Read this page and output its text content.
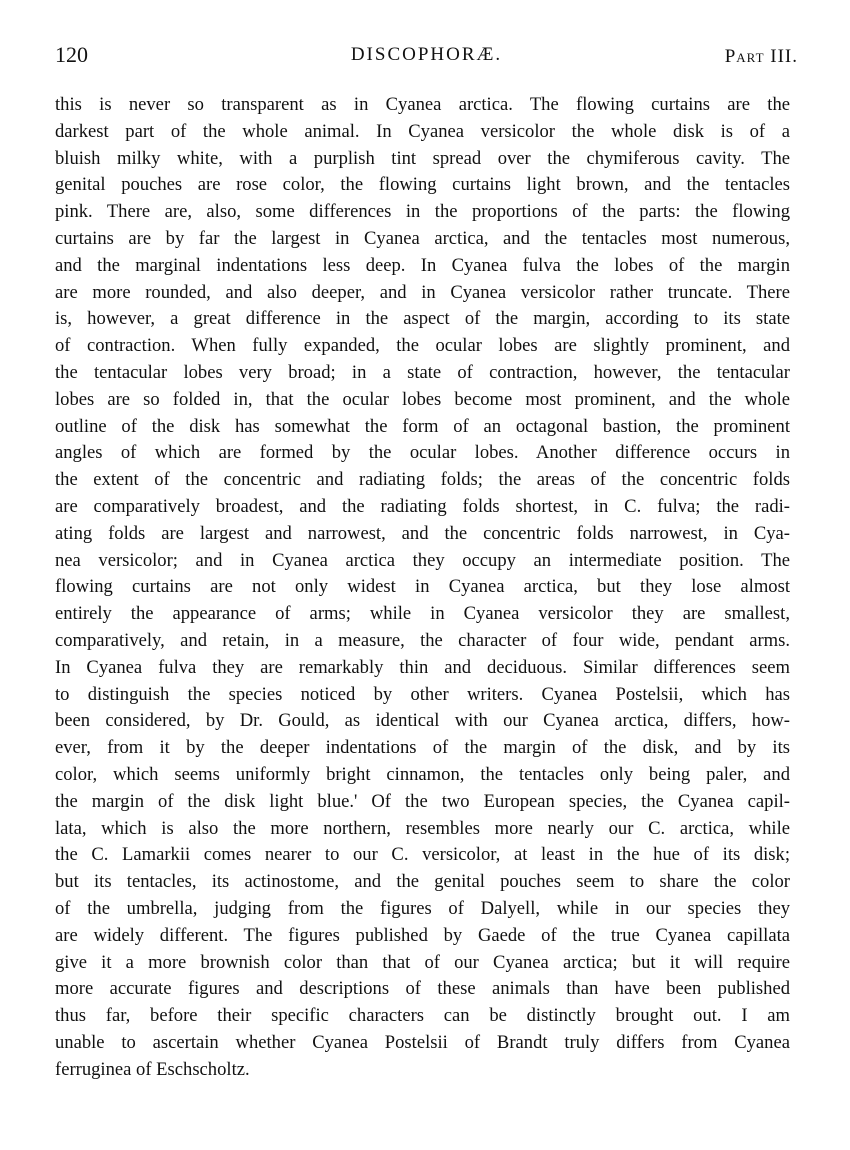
120	DISCOPHORÆ.	Part III.
this is never so transparent as in Cyanea arctica. The flowing curtains are the
darkest part of the whole animal. In Cyanea versicolor the whole disk is of a
bluish milky white, with a purplish tint spread over the chymiferous cavity. The
genital pouches are rose color, the flowing curtains light brown, and the tentacles
pink. There are, also, some differences in the proportions of the parts: the flowing
curtains are by far the largest in Cyanea arctica, and the tentacles most numerous,
and the marginal indentations less deep. In Cyanea fulva the lobes of the margin
are more rounded, and also deeper, and in Cyanea versicolor rather truncate. There
is, however, a great difference in the aspect of the margin, according to its state
of contraction. When fully expanded, the ocular lobes are slightly prominent, and
the tentacular lobes very broad; in a state of contraction, however, the tentacular
lobes are so folded in, that the ocular lobes become most prominent, and the whole
outline of the disk has somewhat the form of an octagonal bastion, the prominent
angles of which are formed by the ocular lobes. Another difference occurs in
the extent of the concentric and radiating folds; the areas of the concentric folds
are comparatively broadest, and the radiating folds shortest, in C. fulva; the radi-
ating folds are largest and narrowest, and the concentric folds narrowest, in Cya-
nea versicolor; and in Cyanea arctica they occupy an intermediate position. The
flowing curtains are not only widest in Cyanea arctica, but they lose almost
entirely the appearance of arms; while in Cyanea versicolor they are smallest,
comparatively, and retain, in a measure, the character of four wide, pendant arms.
In Cyanea fulva they are remarkably thin and deciduous. Similar differences seem
to distinguish the species noticed by other writers. Cyanea Postelsii, which has
been considered, by Dr. Gould, as identical with our Cyanea arctica, differs, how-
ever, from it by the deeper indentations of the margin of the disk, and by its
color, which seems uniformly bright cinnamon, the tentacles only being paler, and
the margin of the disk light blue.' Of the two European species, the Cyanea capil-
lata, which is also the more northern, resembles more nearly our C. arctica, while
the C. Lamarkii comes nearer to our C. versicolor, at least in the hue of its disk;
but its tentacles, its actinostome, and the genital pouches seem to share the color
of the umbrella, judging from the figures of Dalyell, while in our species they
are widely different. The figures published by Gaede of the true Cyanea capillata
give it a more brownish color than that of our Cyanea arctica; but it will require
more accurate figures and descriptions of these animals than have been published
thus far, before their specific characters can be distinctly brought out. I am
unable to ascertain whether Cyanea Postelsii of Brandt truly differs from Cyanea
ferruginea of Eschscholtz.
